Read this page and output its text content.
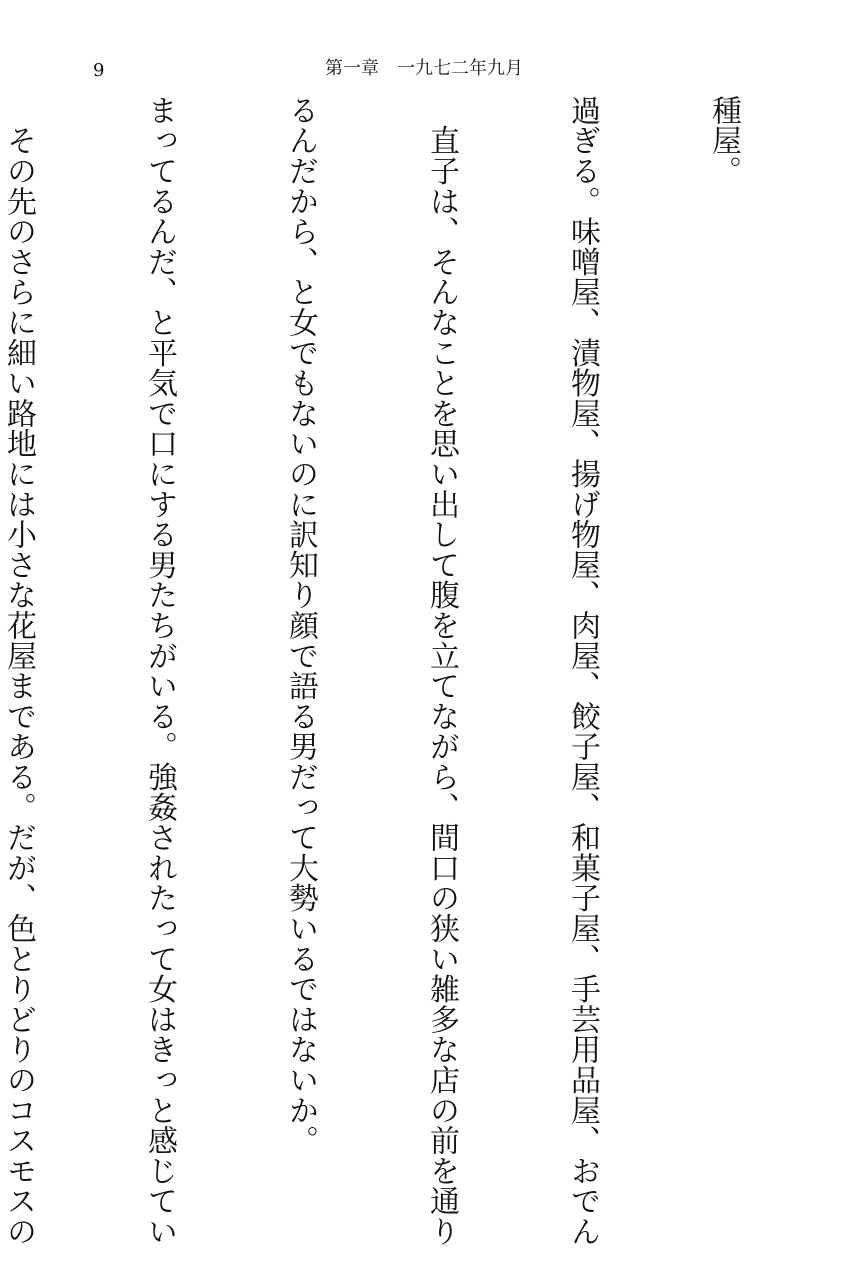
9	第一章　一九七二年九月

種屋。

過ぎる。味噌屋、漬物屋、揚げ物屋、肉屋、餃子屋、和菓子屋、手芸用品屋、おでん

　直子は、そんなことを思い出して腹を立てながら、間口の狭い雑多な店の前を通り

るんだから、と女でもないのに訳知り顔で語る男だって大勢いるではないか。

まってるんだ、と平気で口にする男たちがいる。強姦されたって女はきっと感じてい

　その先のさらに細い路地には小さな花屋まである。だが、色とりどりのコスモスの
